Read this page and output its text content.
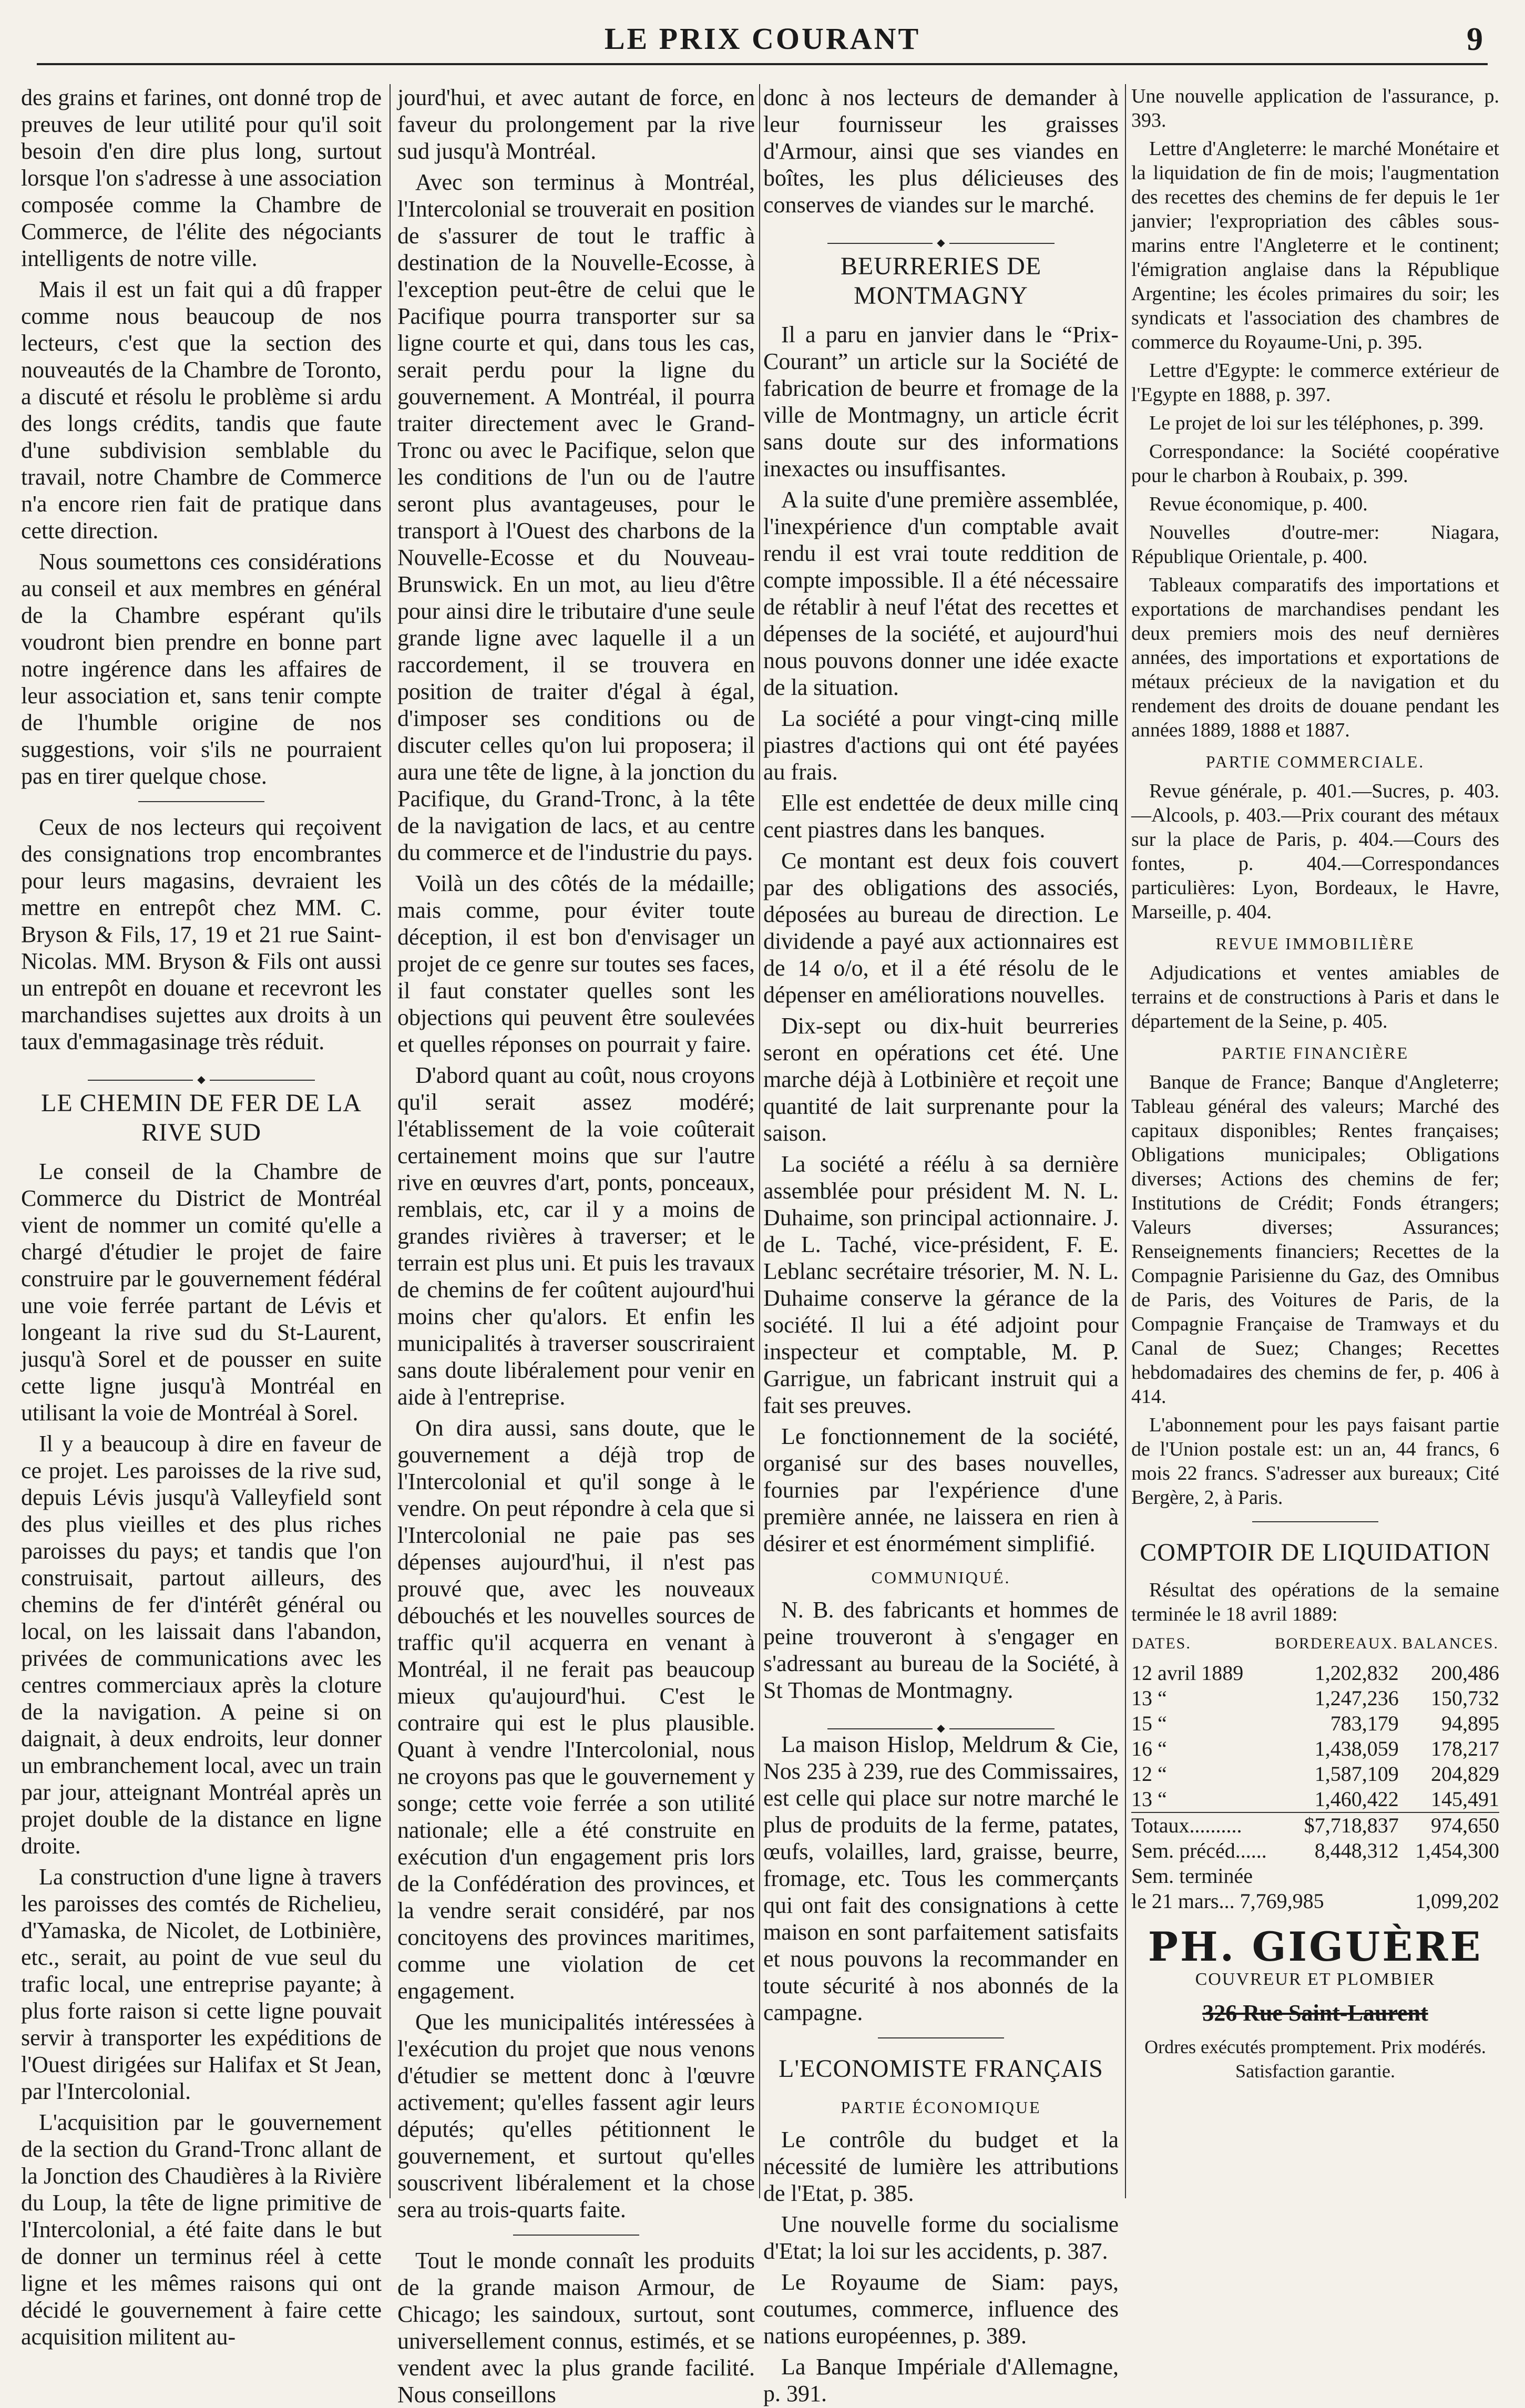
LE PRIX COURANT	9

des grains et farines, ont donné trop de preuves de leur utilité pour qu'il soit besoin d'en dire plus long, surtout lorsque l'on s'adresse à une association composée comme la Chambre de Commerce, de l'élite des négociants intelligents de notre ville.

Mais il est un fait qui a dû frapper comme nous beaucoup de nos lecteurs, c'est que la section des nouveautés de la Chambre de Toronto, a discuté et résolu le problème si ardu des longs crédits, tandis que faute d'une subdivision semblable du travail, notre Chambre de Commerce n'a encore rien fait de pratique dans cette direction.

Nous soumettons ces considérations au conseil et aux membres en général de la Chambre espérant qu'ils voudront bien prendre en bonne part notre ingérence dans les affaires de leur association et, sans tenir compte de l'humble origine de nos suggestions, voir s'ils ne pourraient pas en tirer quelque chose.

Ceux de nos lecteurs qui reçoivent des consignations trop encombrantes pour leurs magasins, devraient les mettre en entrepôt chez MM. C. Bryson & Fils, 17, 19 et 21 rue Saint-Nicolas. MM. Bryson & Fils ont aussi un entrepôt en douane et recevront les marchandises sujettes aux droits à un taux d'emmagasinage très réduit.

◆
LE CHEMIN DE FER DE LA RIVE SUD

Le conseil de la Chambre de Commerce du District de Montréal vient de nommer un comité qu'elle a chargé d'étudier le projet de faire construire par le gouvernement fédéral une voie ferrée partant de Lévis et longeant la rive sud du St-Laurent, jusqu'à Sorel et de pousser en suite cette ligne jusqu'à Montréal en utilisant la voie de Montréal à Sorel.

Il y a beaucoup à dire en faveur de ce projet. Les paroisses de la rive sud, depuis Lévis jusqu'à Valleyfield sont des plus vieilles et des plus riches paroisses du pays; et tandis que l'on construisait, partout ailleurs, des chemins de fer d'intérêt général ou local, on les laissait dans l'abandon, privées de communications avec les centres commerciaux après la cloture de la navigation. A peine si on daignait, à deux endroits, leur donner un embranchement local, avec un train par jour, atteignant Montréal après un projet double de la distance en ligne droite.

La construction d'une ligne à travers les paroisses des comtés de Richelieu, d'Yamaska, de Nicolet, de Lotbinière, etc., serait, au point de vue seul du trafic local, une entreprise payante; à plus forte raison si cette ligne pouvait servir à transporter les expéditions de l'Ouest dirigées sur Halifax et St Jean, par l'Intercolonial.

L'acquisition par le gouvernement de la section du Grand-Tronc allant de la Jonction des Chaudières à la Rivière du Loup, la tête de ligne primitive de l'Intercolonial, a été faite dans le but de donner un terminus réel à cette ligne et les mêmes raisons qui ont décidé le gouvernement à faire cette acquisition militent au-

jourd'hui, et avec autant de force, en faveur du prolongement par la rive sud jusqu'à Montréal.

Avec son terminus à Montréal, l'Intercolonial se trouverait en position de s'assurer de tout le traffic à destination de la Nouvelle-Ecosse, à l'exception peut-être de celui que le Pacifique pourra transporter sur sa ligne courte et qui, dans tous les cas, serait perdu pour la ligne du gouvernement. A Montréal, il pourra traiter directement avec le Grand-Tronc ou avec le Pacifique, selon que les conditions de l'un ou de l'autre seront plus avantageuses, pour le transport à l'Ouest des charbons de la Nouvelle-Ecosse et du Nouveau-Brunswick. En un mot, au lieu d'être pour ainsi dire le tributaire d'une seule grande ligne avec laquelle il a un raccordement, il se trouvera en position de traiter d'égal à égal, d'imposer ses conditions ou de discuter celles qu'on lui proposera; il aura une tête de ligne, à la jonction du Pacifique, du Grand-Tronc, à la tête de la navigation de lacs, et au centre du commerce et de l'industrie du pays.

Voilà un des côtés de la médaille; mais comme, pour éviter toute déception, il est bon d'envisager un projet de ce genre sur toutes ses faces, il faut constater quelles sont les objections qui peuvent être soulevées et quelles réponses on pourrait y faire.

D'abord quant au coût, nous croyons qu'il serait assez modéré; l'établissement de la voie coûterait certainement moins que sur l'autre rive en œuvres d'art, ponts, ponceaux, remblais, etc, car il y a moins de grandes rivières à traverser; et le terrain est plus uni. Et puis les travaux de chemins de fer coûtent aujourd'hui moins cher qu'alors. Et enfin les municipalités à traverser souscriraient sans doute libéralement pour venir en aide à l'entreprise.

On dira aussi, sans doute, que le gouvernement a déjà trop de l'Intercolonial et qu'il songe à le vendre. On peut répondre à cela que si l'Intercolonial ne paie pas ses dépenses aujourd'hui, il n'est pas prouvé que, avec les nouveaux débouchés et les nouvelles sources de traffic qu'il acquerra en venant à Montréal, il ne ferait pas beaucoup mieux qu'aujourd'hui. C'est le contraire qui est le plus plausible. Quant à vendre l'Intercolonial, nous ne croyons pas que le gouvernement y songe; cette voie ferrée a son utilité nationale; elle a été construite en exécution d'un engagement pris lors de la Confédération des provinces, et la vendre serait considéré, par nos concitoyens des provinces maritimes, comme une violation de cet engagement.

Que les municipalités intéressées à l'exécution du projet que nous venons d'étudier se mettent donc à l'œuvre activement; qu'elles fassent agir leurs députés; qu'elles pétitionnent le gouvernement, et surtout qu'elles souscrivent libéralement et la chose sera au trois-quarts faite.

Tout le monde connaît les produits de la grande maison Armour, de Chicago; les saindoux, surtout, sont universellement connus, estimés, et se vendent avec la plus grande facilité. Nous conseillons

donc à nos lecteurs de demander à leur fournisseur les graisses d'Armour, ainsi que ses viandes en boîtes, les plus délicieuses des conserves de viandes sur le marché.

◆
BEURRERIES DE MONTMAGNY

Il a paru en janvier dans le “Prix-Courant” un article sur la Société de fabrication de beurre et fromage de la ville de Montmagny, un article écrit sans doute sur des informations inexactes ou insuffisantes.

A la suite d'une première assemblée, l'inexpérience d'un comptable avait rendu il est vrai toute reddition de compte impossible. Il a été nécessaire de rétablir à neuf l'état des recettes et dépenses de la société, et aujourd'hui nous pouvons donner une idée exacte de la situation.

La société a pour vingt-cinq mille piastres d'actions qui ont été payées au frais.

Elle est endettée de deux mille cinq cent piastres dans les banques.

Ce montant est deux fois couvert par des obligations des associés, déposées au bureau de direction. Le dividende a payé aux actionnaires est de 14 o/o, et il a été résolu de le dépenser en améliorations nouvelles.

Dix-sept ou dix-huit beurreries seront en opérations cet été. Une marche déjà à Lotbinière et reçoit une quantité de lait surprenante pour la saison.

La société a réélu à sa dernière assemblée pour président M. N. L. Duhaime, son principal actionnaire. J. de L. Taché, vice-président, F. E. Leblanc secrétaire trésorier, M. N. L. Duhaime conserve la gérance de la société. Il lui a été adjoint pour inspecteur et comptable, M. P. Garrigue, un fabricant instruit qui a fait ses preuves.

Le fonctionnement de la société, organisé sur des bases nouvelles, fournies par l'expérience d'une première année, ne laissera en rien à désirer et est énormément simplifié.

COMMUNIQUÉ.

N. B. des fabricants et hommes de peine trouveront à s'engager en s'adressant au bureau de la Société, à St Thomas de Montmagny.

◆

La maison Hislop, Meldrum & Cie, Nos 235 à 239, rue des Commissaires, est celle qui place sur notre marché le plus de produits de la ferme, patates, œufs, volailles, lard, graisse, beurre, fromage, etc. Tous les commerçants qui ont fait des consignations à cette maison en sont parfaitement satisfaits et nous pouvons la recommander en toute sécurité à nos abonnés de la campagne.

L'ECONOMISTE FRANÇAIS
PARTIE ÉCONOMIQUE

Le contrôle du budget et la nécessité de lumière les attributions de l'Etat, p. 385.

Une nouvelle forme du socialisme d'Etat; la loi sur les accidents, p. 387.

Le Royaume de Siam: pays, coutumes, commerce, influence des nations européennes, p. 389.

La Banque Impériale d'Allemagne, p. 391.

Une nouvelle application de l'assurance, p. 393.

Lettre d'Angleterre: le marché Monétaire et la liquidation de fin de mois; l'augmentation des recettes des chemins de fer depuis le 1er janvier; l'expropriation des câbles sous-marins entre l'Angleterre et le continent; l'émigration anglaise dans la République Argentine; les écoles primaires du soir; les syndicats et l'association des chambres de commerce du Royaume-Uni, p. 395.

Lettre d'Egypte: le commerce extérieur de l'Egypte en 1888, p. 397.

Le projet de loi sur les téléphones, p. 399.

Correspondance: la Société coopérative pour le charbon à Roubaix, p. 399.

Revue économique, p. 400.

Nouvelles d'outre-mer: Niagara, République Orientale, p. 400.

Tableaux comparatifs des importations et exportations de marchandises pendant les deux premiers mois des neuf dernières années, des importations et exportations de métaux précieux de la navigation et du rendement des droits de douane pendant les années 1889, 1888 et 1887.

PARTIE COMMERCIALE.

Revue générale, p. 401.—Sucres, p. 403. —Alcools, p. 403.—Prix courant des métaux sur la place de Paris, p. 404.—Cours des fontes, p. 404.—Correspondances particulières: Lyon, Bordeaux, le Havre, Marseille, p. 404.

REVUE IMMOBILIÈRE

Adjudications et ventes amiables de terrains et de constructions à Paris et dans le département de la Seine, p. 405.

PARTIE FINANCIÈRE

Banque de France; Banque d'Angleterre; Tableau général des valeurs; Marché des capitaux disponibles; Rentes françaises; Obligations municipales; Obligations diverses; Actions des chemins de fer; Institutions de Crédit; Fonds étrangers; Valeurs diverses; Assurances; Renseignements financiers; Recettes de la Compagnie Parisienne du Gaz, des Omnibus de Paris, des Voitures de Paris, de la Compagnie Française de Tramways et du Canal de Suez; Changes; Recettes hebdomadaires des chemins de fer, p. 406 à 414.

L'abonnement pour les pays faisant partie de l'Union postale est: un an, 44 francs, 6 mois 22 francs. S'adresser aux bureaux; Cité Bergère, 2, à Paris.

COMPTOIR DE LIQUIDATION

Résultat des opérations de la semaine terminée le 18 avril 1889:

DATES.	BORDEREAUX.	BALANCES.
12 avril 1889	1,202,832	200,486
13 “	1,247,236	150,732
15 “	783,179	94,895
16 “	1,438,059	178,217
12 “	1,587,109	204,829
13 “	1,460,422	145,491
Totaux..........	$7,718,837	974,650
Sem. précéd......	8,448,312	1,454,300
Sem. terminée		
le 21 mars... 7,769,985		1,099,202
PH. GIGUÈRE
COUVREUR ET PLOMBIER
326 Rue Saint-Laurent
Ordres exécutés promptement. Prix modérés. Satisfaction garantie.
